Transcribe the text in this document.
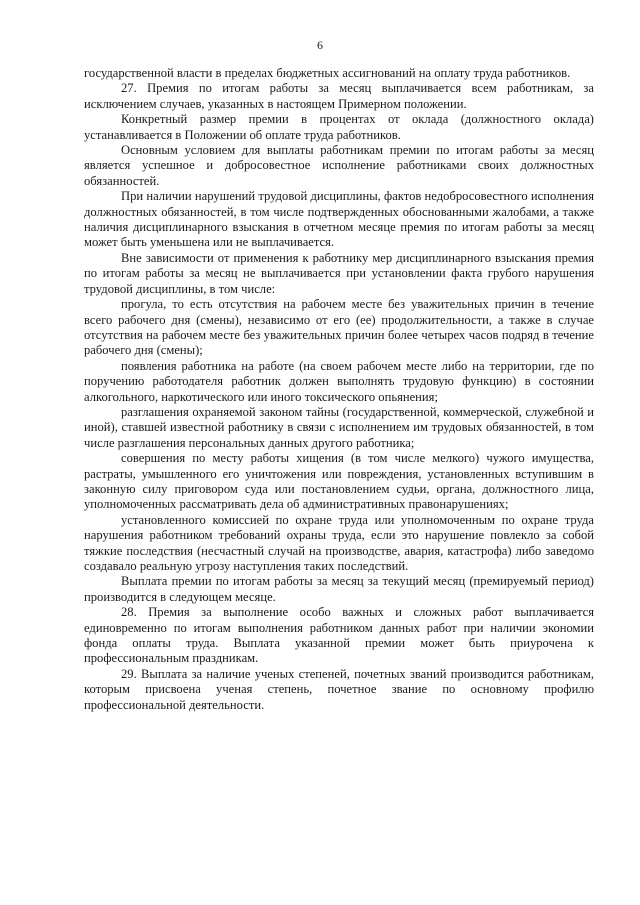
6

государственной власти в пределах бюджетных ассигнований на оплату труда работников.

27. Премия по итогам работы за месяц выплачивается всем работникам, за исключением случаев, указанных в настоящем Примерном положении.

Конкретный размер премии в процентах от оклада (должностного оклада) устанавливается в Положении об оплате труда работников.

Основным условием для выплаты работникам премии по итогам работы за месяц является успешное и добросовестное исполнение работниками своих должностных обязанностей.

При наличии нарушений трудовой дисциплины, фактов недобросовестного исполнения должностных обязанностей, в том числе подтвержденных обоснованными жалобами, а также наличия дисциплинарного взыскания в отчетном месяце премия по итогам работы за месяц может быть уменьшена или не выплачивается.

Вне зависимости от применения к работнику мер дисциплинарного взыскания премия по итогам работы за месяц не выплачивается при установлении факта грубого нарушения трудовой дисциплины, в том числе:

прогула, то есть отсутствия на рабочем месте без уважительных причин в течение всего рабочего дня (смены), независимо от его (ее) продолжительности, а также в случае отсутствия на рабочем месте без уважительных причин более четырех часов подряд в течение рабочего дня (смены);

появления работника на работе (на своем рабочем месте либо на территории, где по поручению работодателя работник должен выполнять трудовую функцию) в состоянии алкогольного, наркотического или иного токсического опьянения;

разглашения охраняемой законом тайны (государственной, коммерческой, служебной и иной), ставшей известной работнику в связи с исполнением им трудовых обязанностей, в том числе разглашения персональных данных другого работника;

совершения по месту работы хищения (в том числе мелкого) чужого имущества, растраты, умышленного его уничтожения или повреждения, установленных вступившим в законную силу приговором суда или постановлением судьи, органа, должностного лица, уполномоченных рассматривать дела об административных правонарушениях;

установленного комиссией по охране труда или уполномоченным по охране труда нарушения работником требований охраны труда, если это нарушение повлекло за собой тяжкие последствия (несчастный случай на производстве, авария, катастрофа) либо заведомо создавало реальную угрозу наступления таких последствий.

Выплата премии по итогам работы за месяц за текущий месяц (премируемый период) производится в следующем месяце.

28. Премия за выполнение особо важных и сложных работ выплачивается единовременно по итогам выполнения работником данных работ при наличии экономии фонда оплаты труда. Выплата указанной премии может быть приурочена к профессиональным праздникам.

29. Выплата за наличие ученых степеней, почетных званий производится работникам, которым присвоена ученая степень, почетное звание по основному профилю профессиональной деятельности.
